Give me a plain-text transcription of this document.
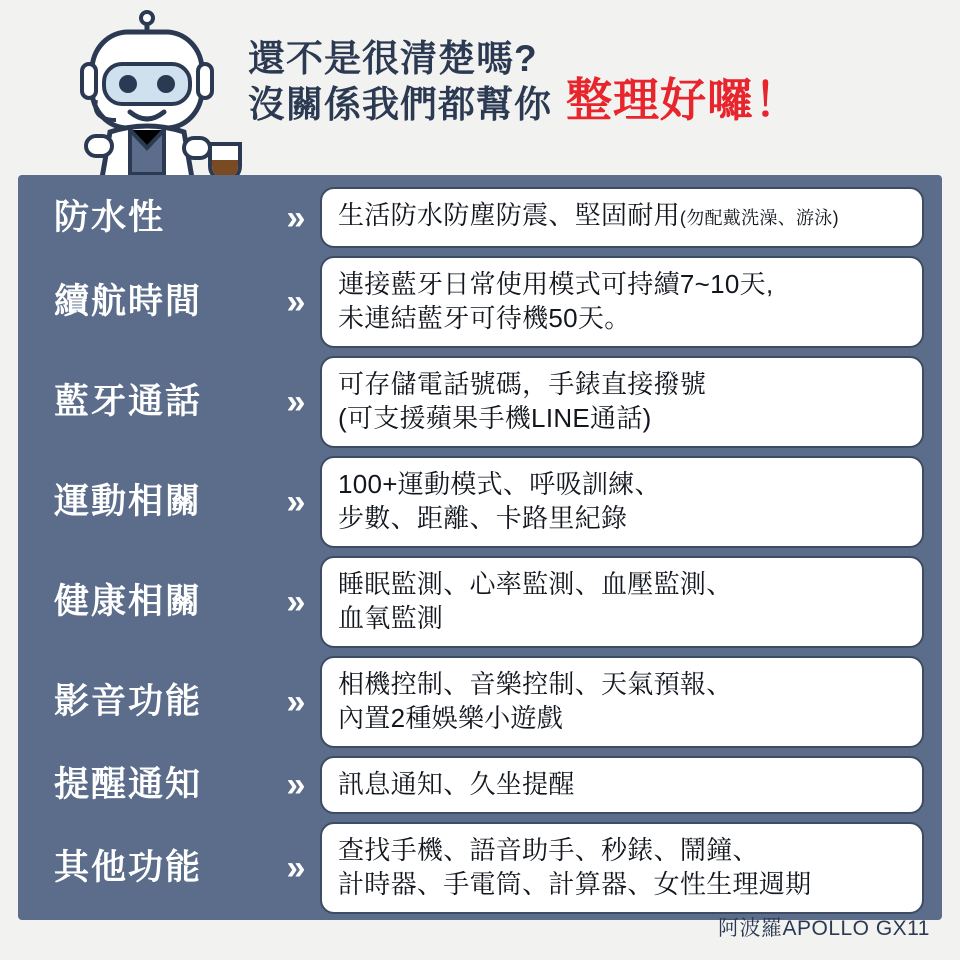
還不是很清楚嗎?
沒關係我們都幫你 整理好囉！
防水性	»	生活防水防塵防震、堅固耐用(勿配戴洗澡、游泳)
續航時間	»	連接藍牙日常使用模式可持續7~10天,
未連結藍牙可待機50天。
藍牙通話	»	可存儲電話號碼，手錶直接撥號
(可支援蘋果手機LINE通話)
運動相關	»	100+運動模式、呼吸訓練、
步數、距離、卡路里紀錄
健康相關	»	睡眠監測、心率監測、血壓監測、
血氧監測
影音功能	»	相機控制、音樂控制、天氣預報、
內置2種娛樂小遊戲
提醒通知	»	訊息通知、久坐提醒
其他功能	»	查找手機、語音助手、秒錶、鬧鐘、
計時器、手電筒、計算器、女性生理週期
阿波羅APOLLO GX11
